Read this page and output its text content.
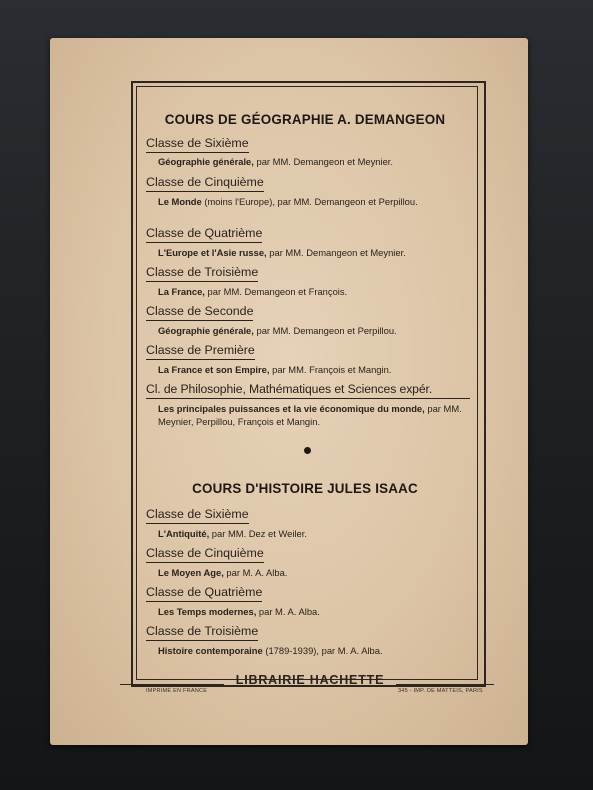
COURS DE GÉOGRAPHIE A. DEMANGEON
Classe de Sixième
Géographie générale, par MM. Demangeon et Meynier.
Classe de Cinquième
Le Monde (moins l'Europe), par MM. Demangeon et Perpillou.
Classe de Quatrième
L'Europe et l'Asie russe, par MM. Demangeon et Meynier.
Classe de Troisième
La France, par MM. Demangeon et François.
Classe de Seconde
Géographie générale, par MM. Demangeon et Perpillou.
Classe de Première
La France et son Empire, par MM. François et Mangin.
Cl. de Philosophie, Mathématiques et Sciences expér.
Les principales puissances et la vie économique du monde, par MM. Meynier, Perpillou, François et Mangin.
COURS D'HISTOIRE JULES ISAAC
Classe de Sixième
L'Antiquité, par MM. Dez et Weiler.
Classe de Cinquième
Le Moyen Age, par M. A. Alba.
Classe de Quatrième
Les Temps modernes, par M. A. Alba.
Classe de Troisième
Histoire contemporaine (1789-1939), par M. A. Alba.
LIBRAIRIE HACHETTE
IMPRIMÉ EN FRANCE	345 - IMP. DE MATTEIS, PARIS
